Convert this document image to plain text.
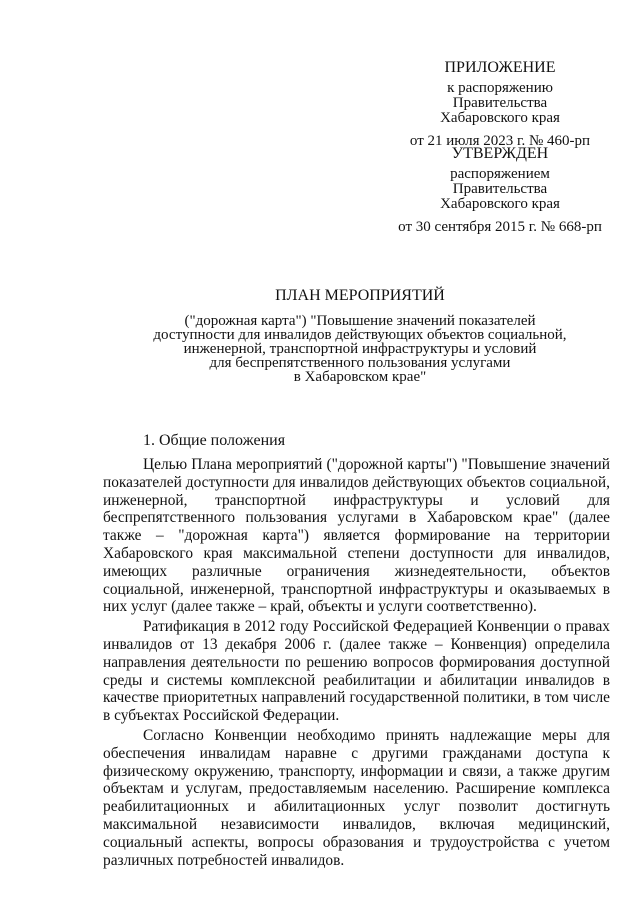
ПРИЛОЖЕНИЕ
к распоряжению
Правительства
Хабаровского края
от 21 июля 2023 г. № 460-рп
УТВЕРЖДЕН
распоряжением
Правительства
Хабаровского края
от 30 сентября 2015 г. № 668-рп
ПЛАН МЕРОПРИЯТИЙ
("дорожная карта") "Повышение значений показателей
доступности для инвалидов действующих объектов социальной,
инженерной, транспортной инфраструктуры и условий
для беспрепятственного пользования услугами
в Хабаровском крае"
1. Общие положения

Целью Плана мероприятий ("дорожной карты") "Повышение значений показателей доступности для инвалидов действующих объектов социальной, инженерной, транспортной инфраструктуры и условий для беспрепятственного пользования услугами в Хабаровском крае" (далее также – "дорожная карта") является формирование на территории Хабаровского края максимальной степени доступности для инвалидов, имеющих различные ограничения жизнедеятельности, объектов социальной, инженерной, транспортной инфраструктуры и оказываемых в них услуг (далее также – край, объекты и услуги соответственно).

Ратификация в 2012 году Российской Федерацией Конвенции о правах инвалидов от 13 декабря 2006 г. (далее также – Конвенция) определила направления деятельности по решению вопросов формирования доступной среды и системы комплексной реабилитации и абилитации инвалидов в качестве приоритетных направлений государственной политики, в том числе в субъектах Российской Федерации.

Согласно Конвенции необходимо принять надлежащие меры для обеспечения инвалидам наравне с другими гражданами доступа к физическому окружению, транспорту, информации и связи, а также другим объектам и услугам, предоставляемым населению. Расширение комплекса реабилитационных и абилитационных услуг позволит достигнуть максимальной независимости инвалидов, включая медицинский, социальный аспекты, вопросы образования и трудоустройства с учетом различных потребностей инвалидов.
